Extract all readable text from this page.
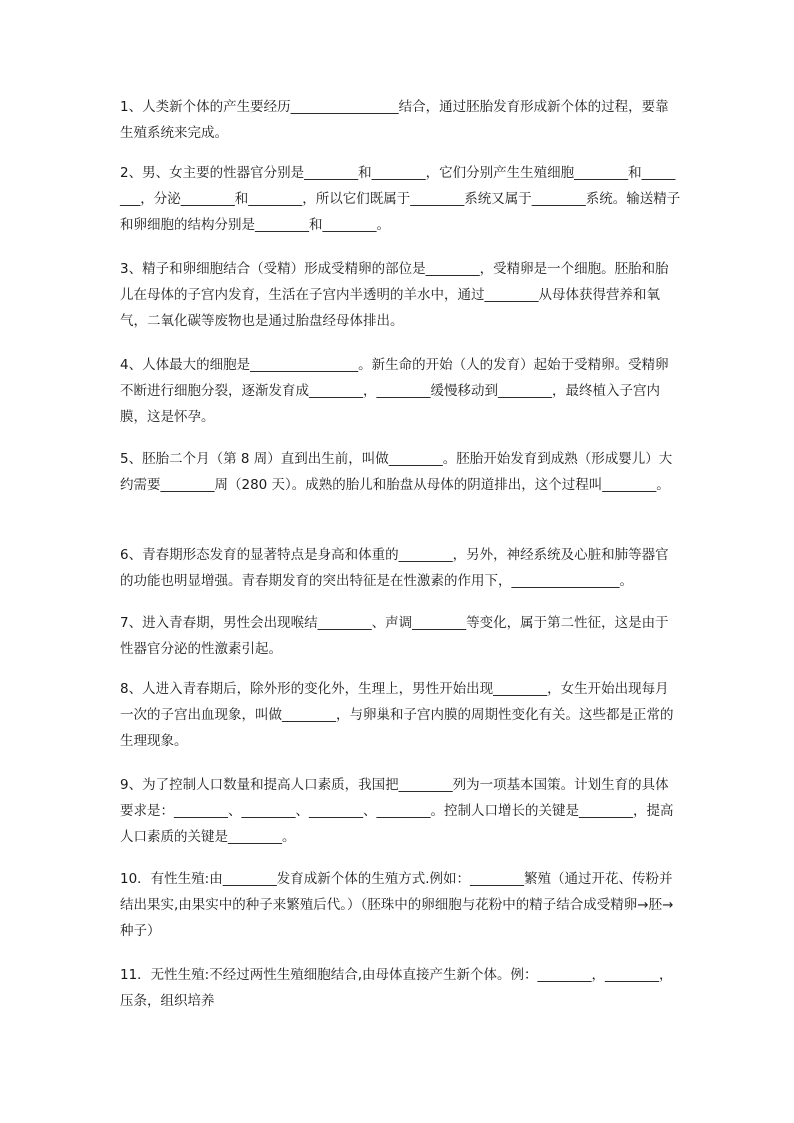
1、人类新个体的产生要经历________________结合，通过胚胎发育形成新个体的过程，要靠生殖系统来完成。

2、男、女主要的性器官分别是________和________，它们分别产生生殖细胞________和________，分泌________和________，所以它们既属于________系统又属于________系统。输送精子和卵细胞的结构分别是________和________。

3、精子和卵细胞结合（受精）形成受精卵的部位是________，受精卵是一个细胞。胚胎和胎儿在母体的子宫内发育，生活在子宫内半透明的羊水中，通过________从母体获得营养和氧气，二氧化碳等废物也是通过胎盘经母体排出。

4、人体最大的细胞是________________。新生命的开始（人的发育）起始于受精卵。受精卵不断进行细胞分裂，逐渐发育成________，________缓慢移动到________，最终植入子宫内膜，这是怀孕。

5、胚胎二个月（第 8 周）直到出生前，叫做________。胚胎开始发育到成熟（形成婴儿）大约需要________周（280 天）。成熟的胎儿和胎盘从母体的阴道排出，这个过程叫________。

6、青春期形态发育的显著特点是身高和体重的________，另外，神经系统及心脏和肺等器官的功能也明显增强。青春期发育的突出特征是在性激素的作用下，________________。

7、进入青春期，男性会出现喉结________、声调________等变化，属于第二性征，这是由于性器官分泌的性激素引起。

8、人进入青春期后，除外形的变化外，生理上，男性开始出现________，女生开始出现每月一次的子宫出血现象，叫做________，与卵巢和子宫内膜的周期性变化有关。这些都是正常的生理现象。

9、为了控制人口数量和提高人口素质，我国把________列为一项基本国策。计划生育的具体要求是：________、________、________、________。控制人口增长的关键是________，提高人口素质的关键是________。

10．有性生殖:由________发育成新个体的生殖方式.例如：________繁殖（通过开花、传粉并结出果实,由果实中的种子来繁殖后代。）（胚珠中的卵细胞与花粉中的精子结合成受精卵→胚→种子）

11．无性生殖:不经过两性生殖细胞结合,由母体直接产生新个体。例：________，________，压条，组织培养
